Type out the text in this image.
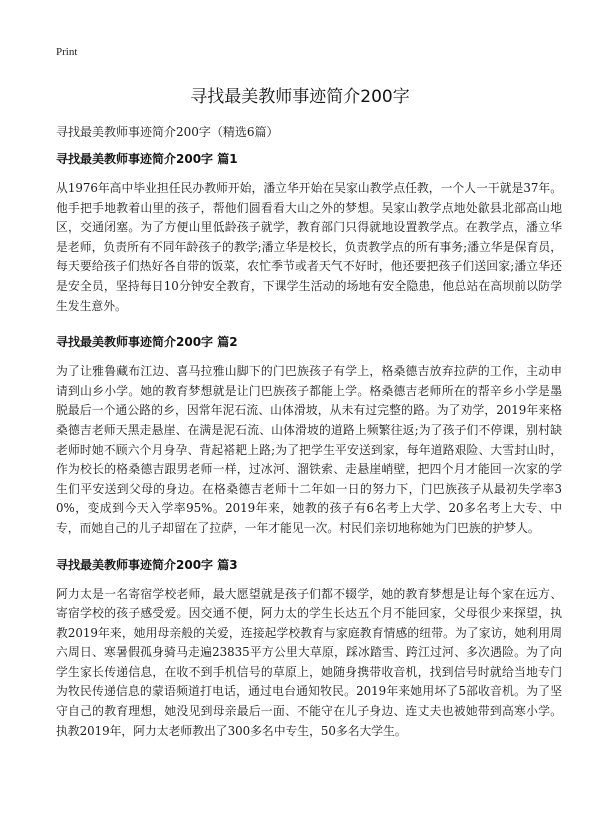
Print
寻找最美教师事迹简介200字

寻找最美教师事迹简介200字（精选6篇）

寻找最美教师事迹简介200字 篇1

从1976年高中毕业担任民办教师开始，潘立华开始在吴家山教学点任教，一个人一干就是37年。他手把手地教着山里的孩子，帮他们圆看看大山之外的梦想。吴家山教学点地处歙县北部高山地区，交通闭塞。为了方便山里低龄孩子就学，教育部门只得就地设置教学点。在教学点，潘立华是老师，负责所有不同年龄孩子的教学;潘立华是校长，负责教学点的所有事务;潘立华是保育员，每天要给孩子们热好各自带的饭菜，农忙季节或者天气不好时，他还要把孩子们送回家;潘立华还是安全员，坚持每日10分钟安全教育，下课学生活动的场地有安全隐患，他总站在高坝前以防学生发生意外。

寻找最美教师事迹简介200字 篇2

为了让雅鲁藏布江边、喜马拉雅山脚下的门巴族孩子有学上，格桑德吉放弃拉萨的工作，主动申请到山乡小学。她的教育梦想就是让门巴族孩子都能上学。格桑德吉老师所在的帮辛乡小学是墨脱最后一个通公路的乡，因常年泥石流、山体滑坡，从未有过完整的路。为了劝学，2019年来格桑德吉老师天黑走悬崖、在满是泥石流、山体滑坡的道路上频繁往返;为了孩子们不停课，别村缺老师时她不顾六个月身孕、背起褡耙上路;为了把学生平安送到家，每年道路艰险、大雪封山时，作为校长的格桑德吉跟男老师一样，过冰河、溜铁索、走悬崖峭壁，把四个月才能回一次家的学生们平安送到父母的身边。在格桑德吉老师十二年如一日的努力下，门巴族孩子从最初失学率30%，变成到今天入学率95%。2019年来，她教的孩子有6名考上大学、20多名考上大专、中专，而她自己的儿子却留在了拉萨，一年才能见一次。村民们亲切地称她为门巴族的护梦人。

寻找最美教师事迹简介200字 篇3

阿力太是一名寄宿学校老师，最大愿望就是孩子们都不辍学，她的教育梦想是让每个家在远方、寄宿学校的孩子感受爱。因交通不便，阿力太的学生长达五个月不能回家，父母很少来探望，执教2019年来，她用母亲般的关爱，连接起学校教育与家庭教育情感的纽带。为了家访，她利用周六周日、寒暑假孤身骑马走遍23835平方公里大草原，踩冰踏雪、跨江过河、多次遇险。为了向学生家长传递信息，在收不到手机信号的草原上，她随身携带收音机，找到信号时就给当地专门为牧民传递信息的蒙语频道打电话，通过电台通知牧民。2019年来她用坏了5部收音机。为了坚守自己的教育理想，她没见到母亲最后一面、不能守在儿子身边、连丈夫也被她带到高寒小学。执教2019年，阿力太老师教出了300多名中专生，50多名大学生。
